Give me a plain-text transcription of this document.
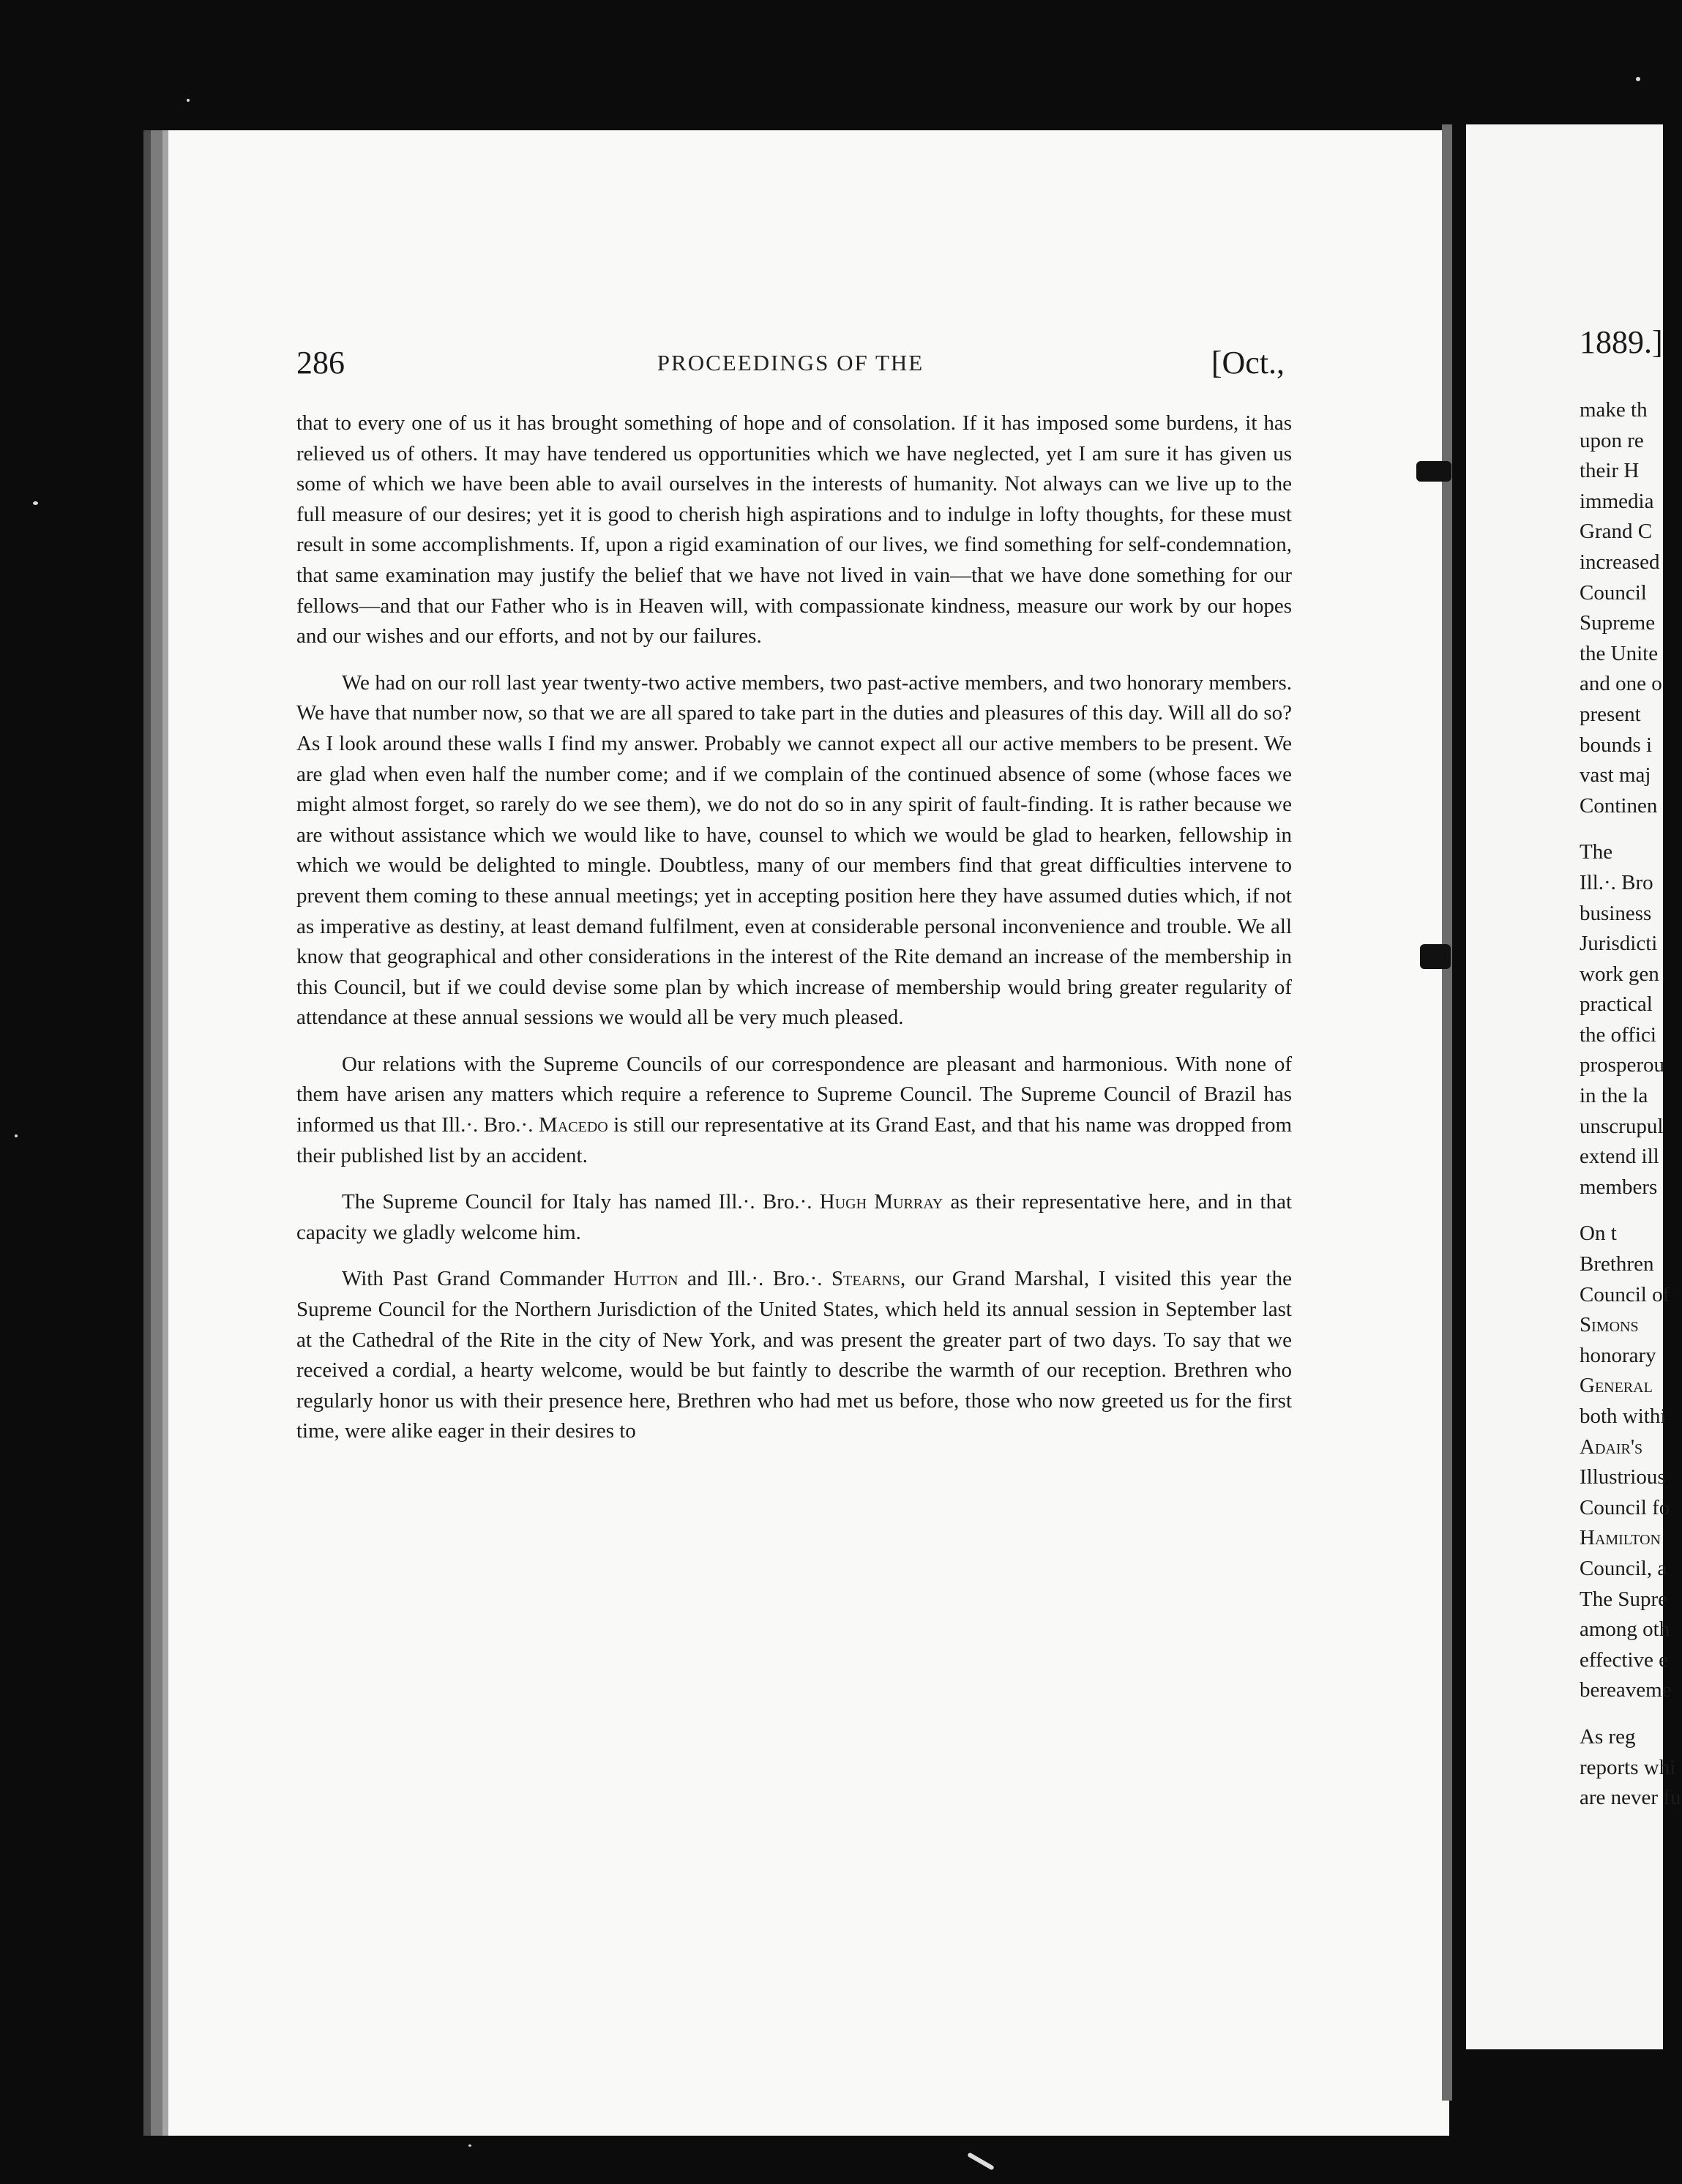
286	PROCEEDINGS OF THE	[Oct.,

that to every one of us it has brought something of hope and of consolation. If it has imposed some burdens, it has relieved us of others. It may have tendered us opportunities which we have neglected, yet I am sure it has given us some of which we have been able to avail ourselves in the interests of humanity. Not always can we live up to the full measure of our desires; yet it is good to cherish high aspirations and to indulge in lofty thoughts, for these must result in some accomplishments. If, upon a rigid examination of our lives, we find something for self-condemnation, that same examination may justify the belief that we have not lived in vain—that we have done something for our fellows—and that our Father who is in Heaven will, with compassionate kindness, measure our work by our hopes and our wishes and our efforts, and not by our failures.

We had on our roll last year twenty-two active members, two past-active members, and two honorary members. We have that number now, so that we are all spared to take part in the duties and pleasures of this day. Will all do so? As I look around these walls I find my answer. Probably we cannot expect all our active members to be present. We are glad when even half the number come; and if we complain of the continued absence of some (whose faces we might almost forget, so rarely do we see them), we do not do so in any spirit of fault-finding. It is rather because we are without assistance which we would like to have, counsel to which we would be glad to hearken, fellowship in which we would be delighted to mingle. Doubtless, many of our members find that great difficulties intervene to prevent them coming to these annual meetings; yet in accepting position here they have assumed duties which, if not as imperative as destiny, at least demand fulfilment, even at considerable personal inconvenience and trouble. We all know that geographical and other considerations in the interest of the Rite demand an increase of the membership in this Council, but if we could devise some plan by which increase of membership would bring greater regularity of attendance at these annual sessions we would all be very much pleased.

Our relations with the Supreme Councils of our correspondence are pleasant and harmonious. With none of them have arisen any matters which require a reference to Supreme Council. The Supreme Council of Brazil has informed us that Ill.·. Bro.·. Macedo is still our representative at its Grand East, and that his name was dropped from their published list by an accident.

The Supreme Council for Italy has named Ill.·. Bro.·. Hugh Murray as their representative here, and in that capacity we gladly welcome him.

With Past Grand Commander Hutton and Ill.·. Bro.·. Stearns, our Grand Marshal, I visited this year the Supreme Council for the Northern Jurisdiction of the United States, which held its annual session in September last at the Cathedral of the Rite in the city of New York, and was present the greater part of two days. To say that we received a cordial, a hearty welcome, would be but faintly to describe the warmth of our reception. Brethren who regularly honor us with their presence here, Brethren who had met us before, those who now greeted us for the first time, were alike eager in their desires to

1889.]
make th
upon re
their H
immedia
Grand C
increased
Council
Supreme
the Unite
and one o
present
bounds i
vast maj
Continen
The
Ill.·. Bro
business
Jurisdicti
work gen
practical
the offici
prosperou
in the la
unscrupul
extend ill
members
On t
Brethren
Council of
Simons
honorary
General
both withi
Adair's
Illustrious
Council fo
Hamilton
Council, a
The Supre
among oth
effective e
bereaveme
As reg
reports whi
are never fu
